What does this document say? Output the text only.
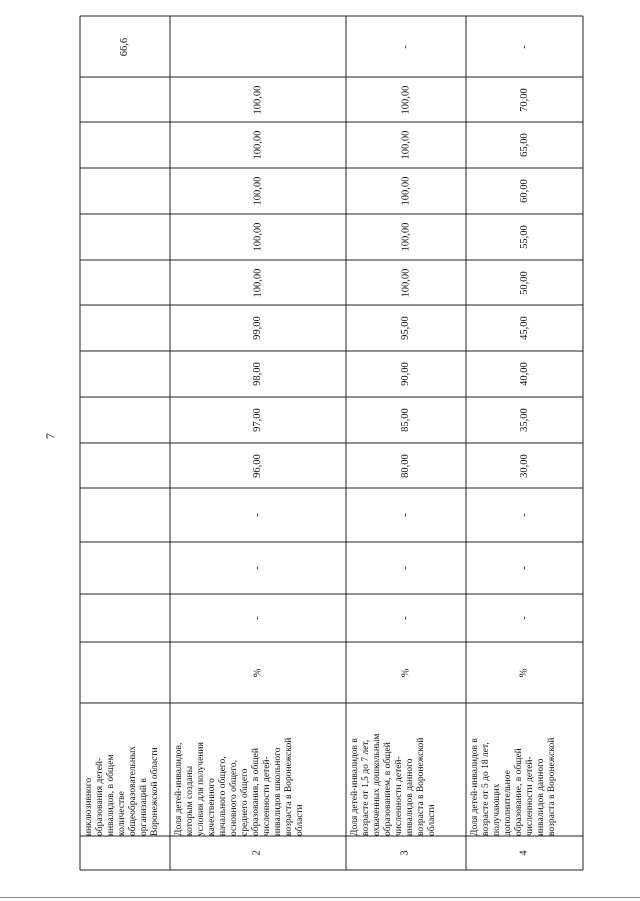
7
инклюзивного
образования детей-
инвалидов, в общем
количестве
общеобразовательных
организаций в
Воронежской области
66,6
2
Доля детей-инвалидов,
которым созданы
условия для получения
качественного
начального общего,
основного общего,
среднего общего
образования, в общей
численности детей-
инвалидов школьного
возраста в Воронежской
области
%
-
-
-
96,00
97,00
98,00
99,00
100,00
100,00
100,00
100,00
100,00
3
Доля детей-инвалидов в
возрасте от 1,5 до 7 лет,
охваченных дошкольным
образованием, в общей
численности детей-
инвалидов данного
возраста в Воронежской
области
%
-
-
-
80,00
85,00
90,00
95,00
100,00
100,00
100,00
100,00
100,00
-
4
Доля детей-инвалидов в
возрасте от 5 до 18 лет,
получающих
дополнительное
образование, в общей
численности детей-
инвалидов данного
возраста в Воронежской
%
-
-
-
30,00
35,00
40,00
45,00
50,00
55,00
60,00
65,00
70,00
-
